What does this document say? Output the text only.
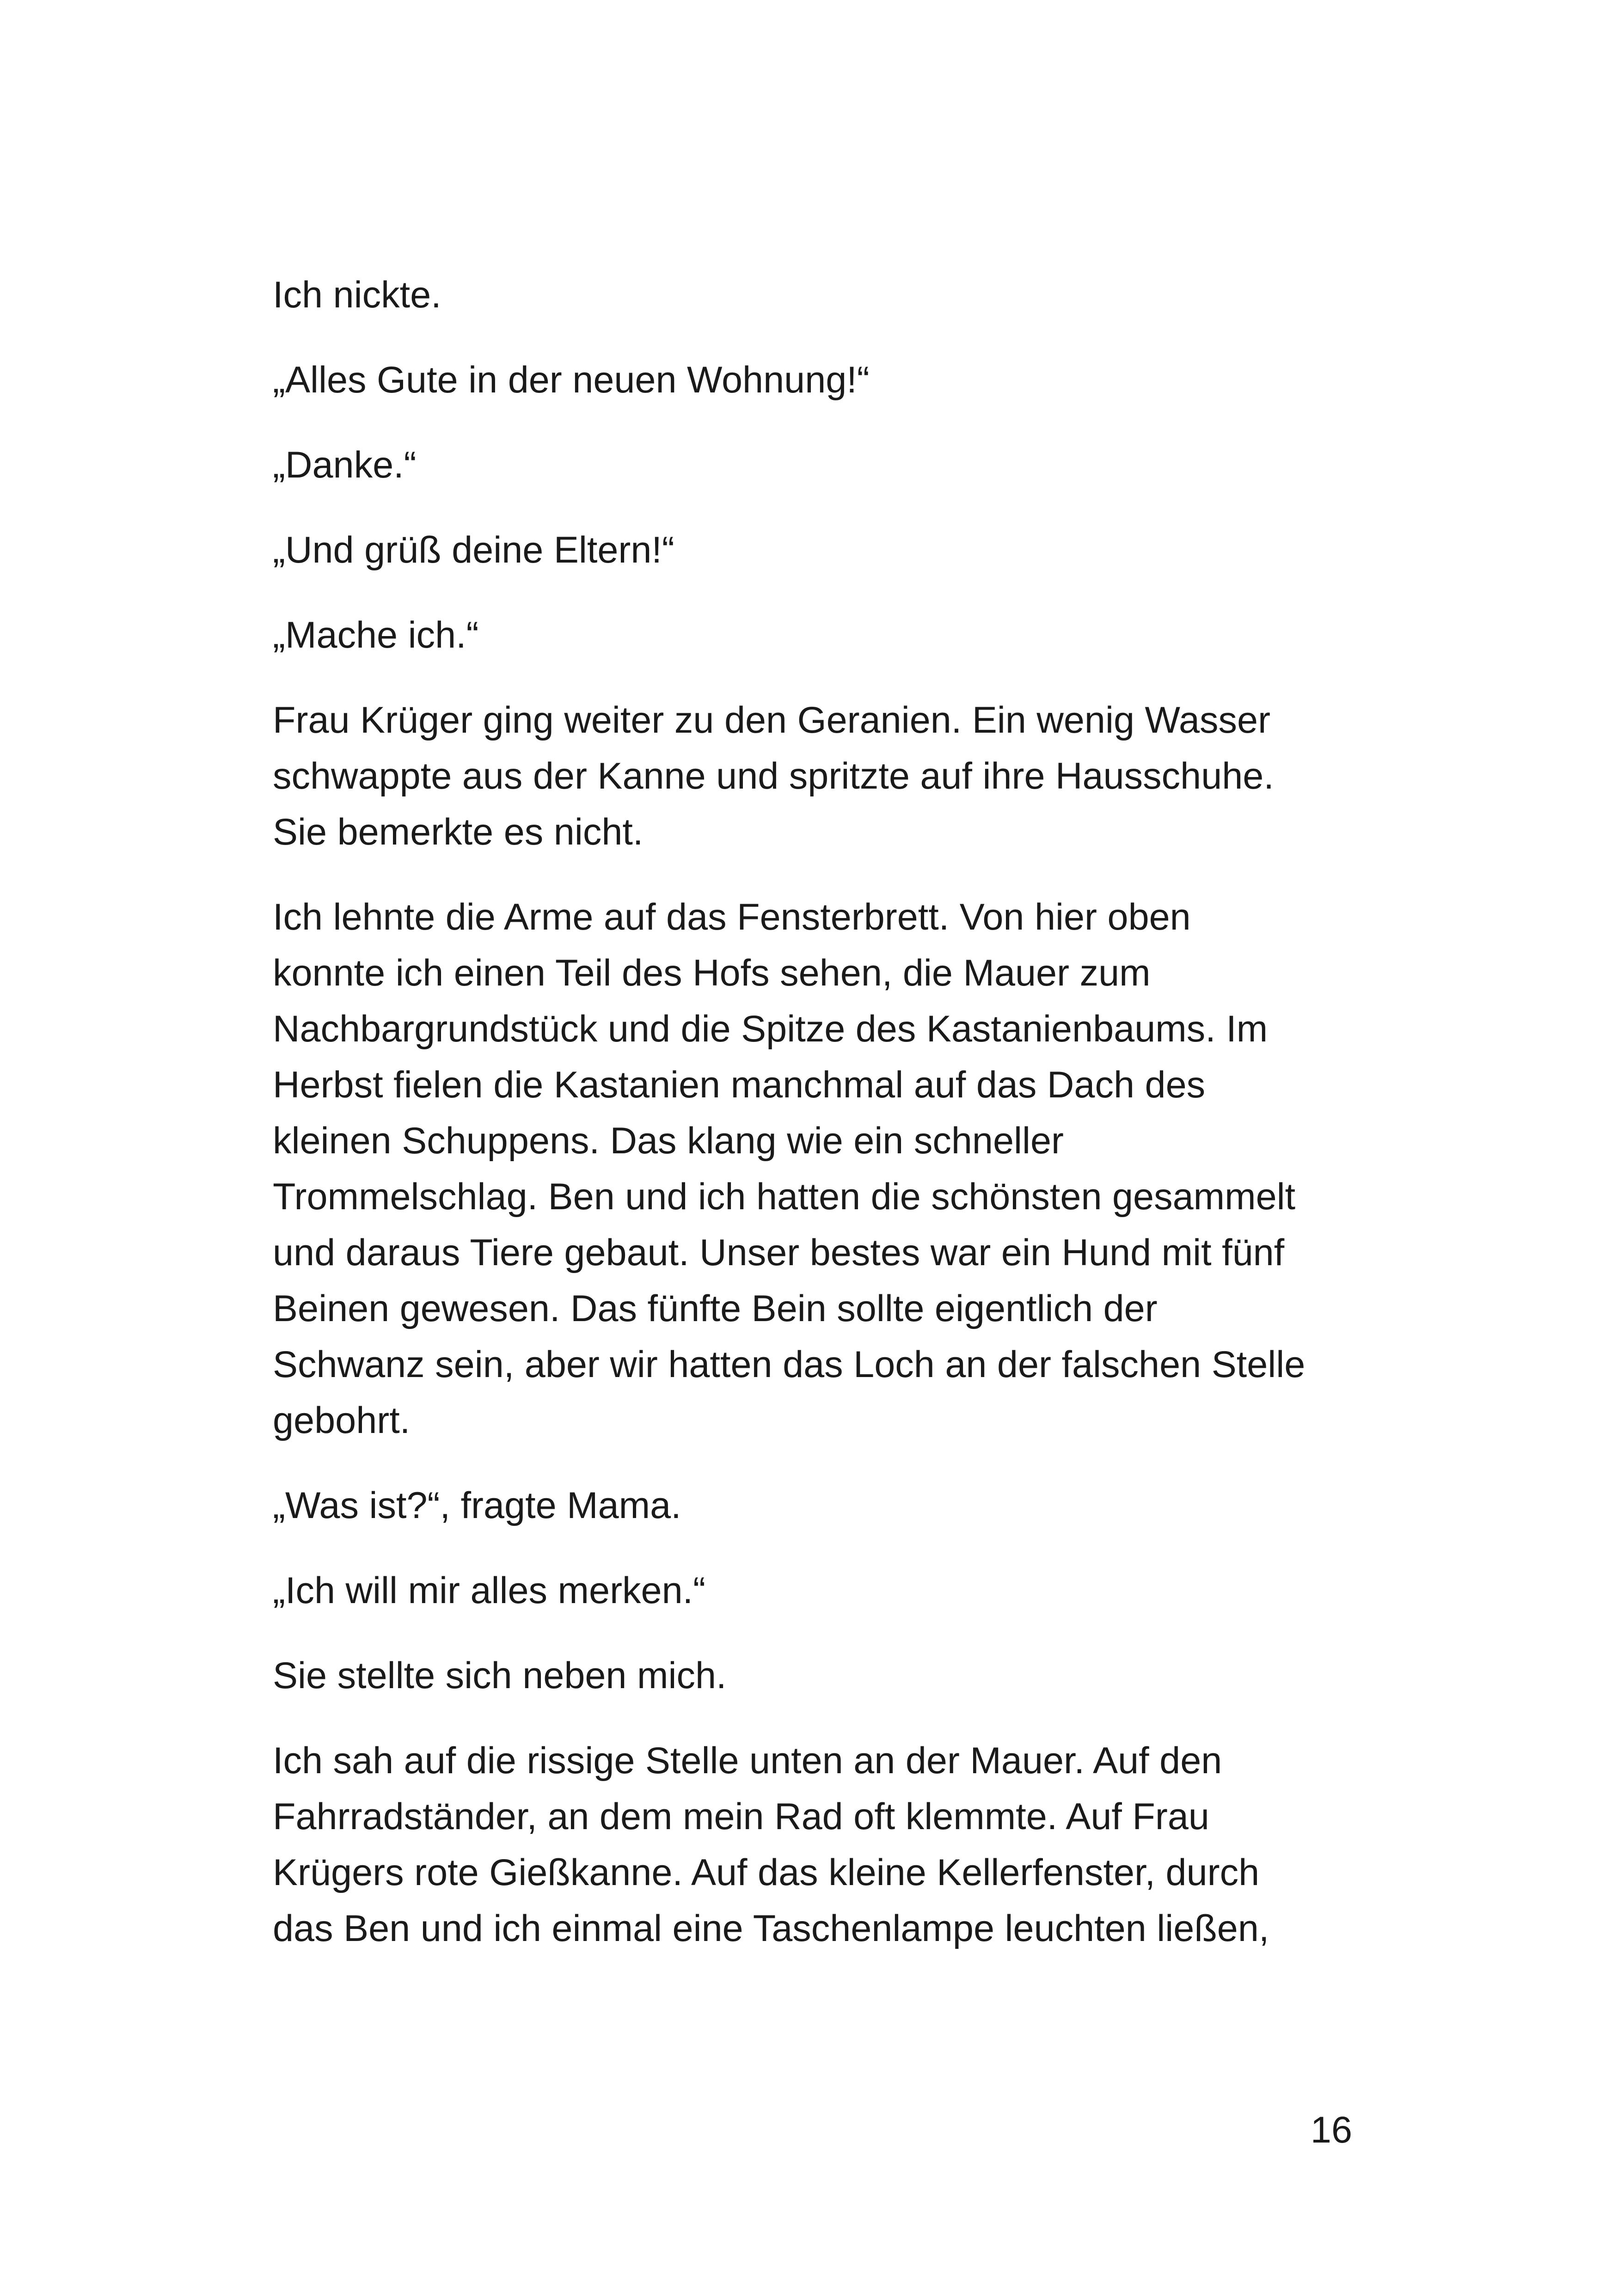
Ich nickte.

„Alles Gute in der neuen Wohnung!“

„Danke.“

„Und grüß deine Eltern!“

„Mache ich.“

Frau Krüger ging weiter zu den Geranien. Ein wenig Wasser
schwappte aus der Kanne und spritzte auf ihre Hausschuhe.
Sie bemerkte es nicht.

Ich lehnte die Arme auf das Fensterbrett. Von hier oben
konnte ich einen Teil des Hofs sehen, die Mauer zum
Nachbargrundstück und die Spitze des Kastanienbaums. Im
Herbst fielen die Kastanien manchmal auf das Dach des
kleinen Schuppens. Das klang wie ein schneller
Trommelschlag. Ben und ich hatten die schönsten gesammelt
und daraus Tiere gebaut. Unser bestes war ein Hund mit fünf
Beinen gewesen. Das fünfte Bein sollte eigentlich der
Schwanz sein, aber wir hatten das Loch an der falschen Stelle
gebohrt.

„Was ist?“, fragte Mama.

„Ich will mir alles merken.“

Sie stellte sich neben mich.

Ich sah auf die rissige Stelle unten an der Mauer. Auf den
Fahrradständer, an dem mein Rad oft klemmte. Auf Frau
Krügers rote Gießkanne. Auf das kleine Kellerfenster, durch
das Ben und ich einmal eine Taschenlampe leuchten ließen,

16
